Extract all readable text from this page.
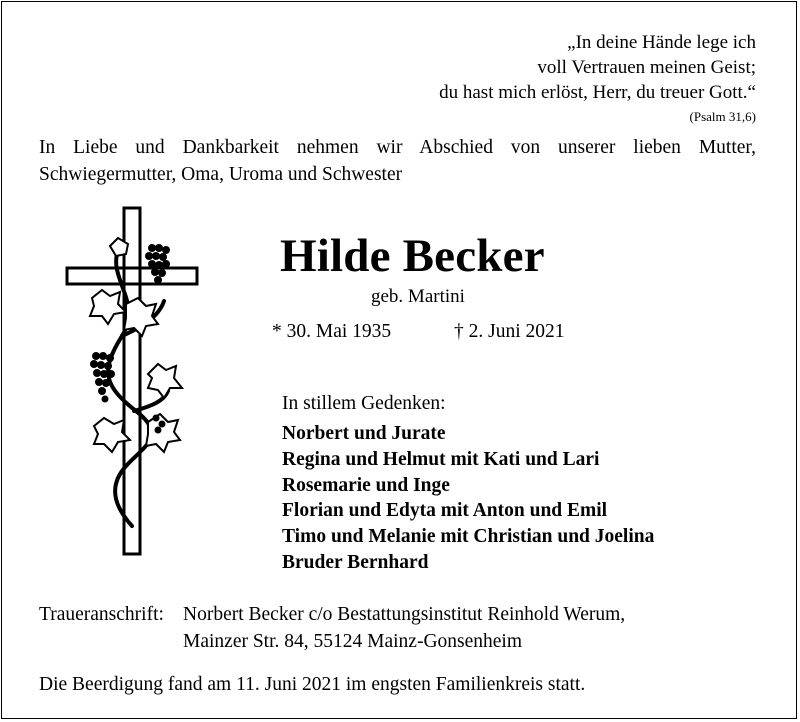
„In deine Hände lege ich
voll Vertrauen meinen Geist;
du hast mich erlöst, Herr, du treuer Gott.“
(Psalm 31,6)
In Liebe und Dankbarkeit nehmen wir Abschied von unserer lieben Mutter,
Schwiegermutter, Oma, Uroma und Schwester
Hilde Becker
geb. Martini
* 30. Mai 1935	† 2. Juni 2021
In stillem Gedenken:
Norbert und Jurate
Regina und Helmut mit Kati und Lari
Rosemarie und Inge
Florian und Edyta mit Anton und Emil
Timo und Melanie mit Christian und Joelina
Bruder Bernhard
Traueranschrift: Norbert Becker c/o Bestattungsinstitut Reinhold Werum,
Mainzer Str. 84, 55124 Mainz-Gonsenheim
Die Beerdigung fand am 11. Juni 2021 im engsten Familienkreis statt.
